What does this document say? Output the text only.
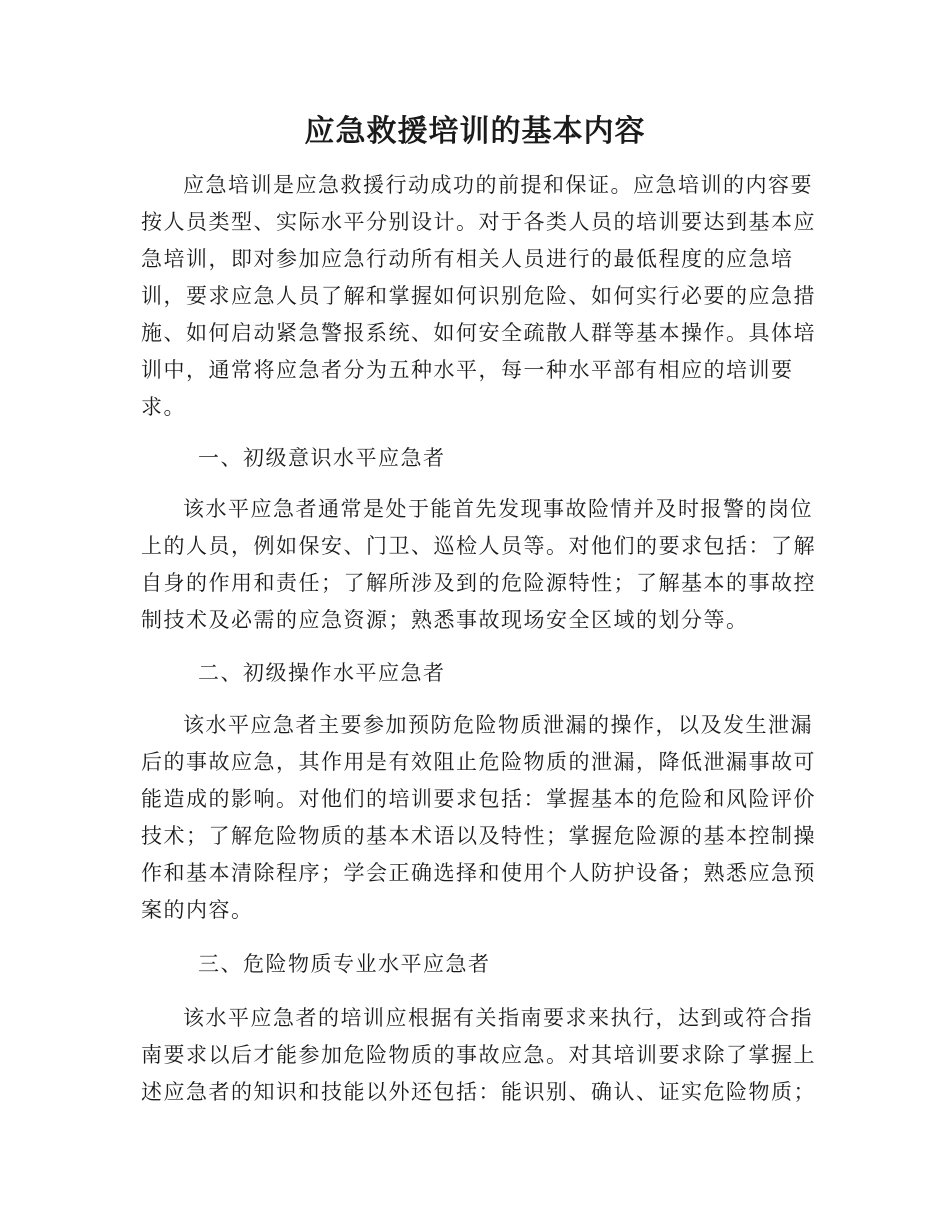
应急救援培训的基本内容

应急培训是应急救援行动成功的前提和保证。应急培训的内容要
按人员类型、实际水平分别设计。对于各类人员的培训要达到基本应
急培训，即对参加应急行动所有相关人员进行的最低程度的应急培
训，要求应急人员了解和掌握如何识别危险、如何实行必要的应急措
施、如何启动紧急警报系统、如何安全疏散人群等基本操作。具体培
训中，通常将应急者分为五种水平，每一种水平部有相应的培训要
求。

一、初级意识水平应急者

该水平应急者通常是处于能首先发现事故险情并及时报警的岗位
上的人员，例如保安、门卫、巡检人员等。对他们的要求包括：了解
自身的作用和责任；了解所涉及到的危险源特性；了解基本的事故控
制技术及必需的应急资源；熟悉事故现场安全区域的划分等。

二、初级操作水平应急者

该水平应急者主要参加预防危险物质泄漏的操作，以及发生泄漏
后的事故应急，其作用是有效阻止危险物质的泄漏，降低泄漏事故可
能造成的影响。对他们的培训要求包括：掌握基本的危险和风险评价
技术；了解危险物质的基本术语以及特性；掌握危险源的基本控制操
作和基本清除程序；学会正确选择和使用个人防护设备；熟悉应急预
案的内容。

三、危险物质专业水平应急者

该水平应急者的培训应根据有关指南要求来执行，达到或符合指
南要求以后才能参加危险物质的事故应急。对其培训要求除了掌握上
述应急者的知识和技能以外还包括：能识别、确认、证实危险物质；
